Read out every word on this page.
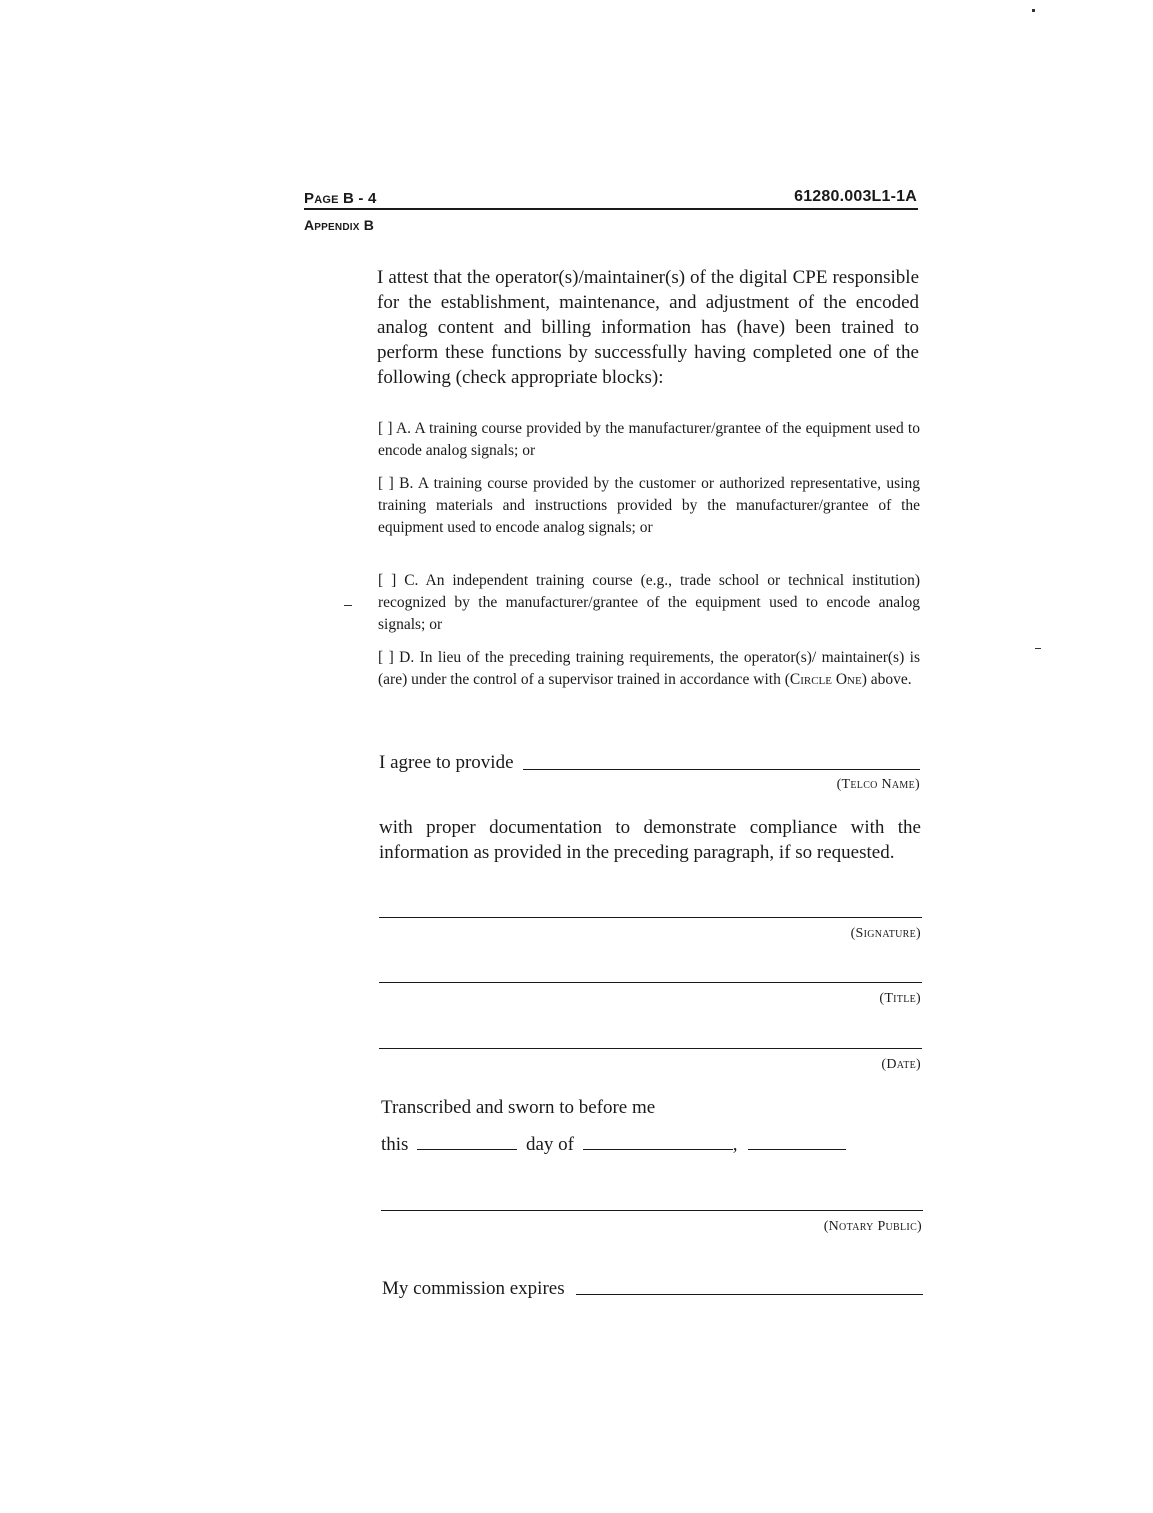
Page B - 4	61280.003L1-1A
Appendix B
I attest that the operator(s)/maintainer(s) of the digital CPE responsible for the establishment, maintenance, and adjustment of the encoded analog content and billing information has (have) been trained to perform these functions by successfully having completed one of the following (check appropriate blocks):
[ ] A. A training course provided by the manufacturer/grantee of the equipment used to encode analog signals; or
[ ] B. A training course provided by the customer or authorized representative, using training materials and instructions provided by the manufacturer/grantee of the equipment used to encode analog signals; or
[ ] C. An independent training course (e.g., trade school or technical institution) recognized by the manufacturer/grantee of the equipment used to encode analog signals; or
[ ] D. In lieu of the preceding training requirements, the operator(s)/ maintainer(s) is (are) under the control of a supervisor trained in accordance with (Circle One) above.
I agree to provide
(Telco Name)
with proper documentation to demonstrate compliance with the information as provided in the preceding paragraph, if so requested.
(Signature)
(Title)
(Date)
Transcribed and sworn to before me
this	day of	,
(Notary Public)
My commission expires
